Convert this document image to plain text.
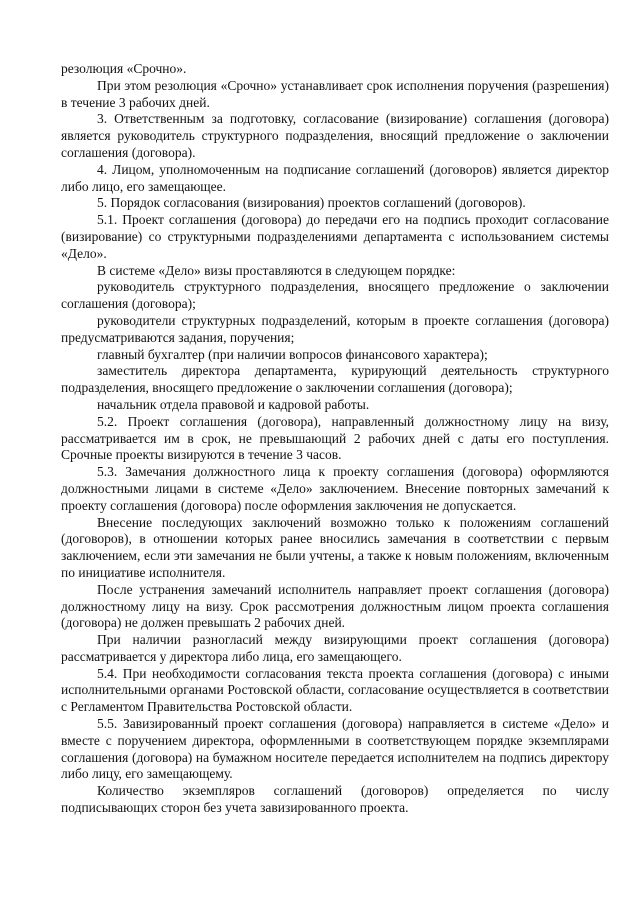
резолюция «Срочно».

При этом резолюция «Срочно» устанавливает срок исполнения поручения (разрешения) в течение 3 рабочих дней.

3. Ответственным за подготовку, согласование (визирование) соглашения (договора) является руководитель структурного подразделения, вносящий предложение о заключении соглашения (договора).

4. Лицом, уполномоченным на подписание соглашений (договоров) является директор либо лицо, его замещающее.

5. Порядок согласования (визирования) проектов соглашений (договоров).

5.1. Проект соглашения (договора) до передачи его на подпись проходит согласование (визирование) со структурными подразделениями департамента с использованием системы «Дело».

В системе «Дело» визы проставляются в следующем порядке:

руководитель структурного подразделения, вносящего предложение о заключении соглашения (договора);

руководители структурных подразделений, которым в проекте соглашения (договора) предусматриваются задания, поручения;

главный бухгалтер (при наличии вопросов финансового характера);

заместитель директора департамента, курирующий деятельность структурного подразделения, вносящего предложение о заключении соглашения (договора);

начальник отдела правовой и кадровой работы.

5.2. Проект соглашения (договора), направленный должностному лицу на визу, рассматривается им в срок, не превышающий 2 рабочих дней с даты его поступления. Срочные проекты визируются в течение 3 часов.

5.3. Замечания должностного лица к проекту соглашения (договора) оформляются должностными лицами в системе «Дело» заключением. Внесение повторных замечаний к проекту соглашения (договора) после оформления заключения не допускается.

Внесение последующих заключений возможно только к положениям соглашений (договоров), в отношении которых ранее вносились замечания в соответствии с первым заключением, если эти замечания не были учтены, а также к новым положениям, включенным по инициативе исполнителя.

После устранения замечаний исполнитель направляет проект соглашения (договора) должностному лицу на визу. Срок рассмотрения должностным лицом проекта соглашения (договора) не должен превышать 2 рабочих дней.

При наличии разногласий между визирующими проект соглашения (договора) рассматривается у директора либо лица, его замещающего.

5.4. При необходимости согласования текста проекта соглашения (договора) с иными исполнительными органами Ростовской области, согласование осуществляется в соответствии с Регламентом Правительства Ростовской области.

5.5. Завизированный проект соглашения (договора) направляется в системе «Дело» и вместе с поручением директора, оформленными в соответствующем порядке экземплярами соглашения (договора) на бумажном носителе передается исполнителем на подпись директору либо лицу, его замещающему.

Количество экземпляров соглашений (договоров) определяется по числу подписывающих сторон без учета завизированного проекта.
